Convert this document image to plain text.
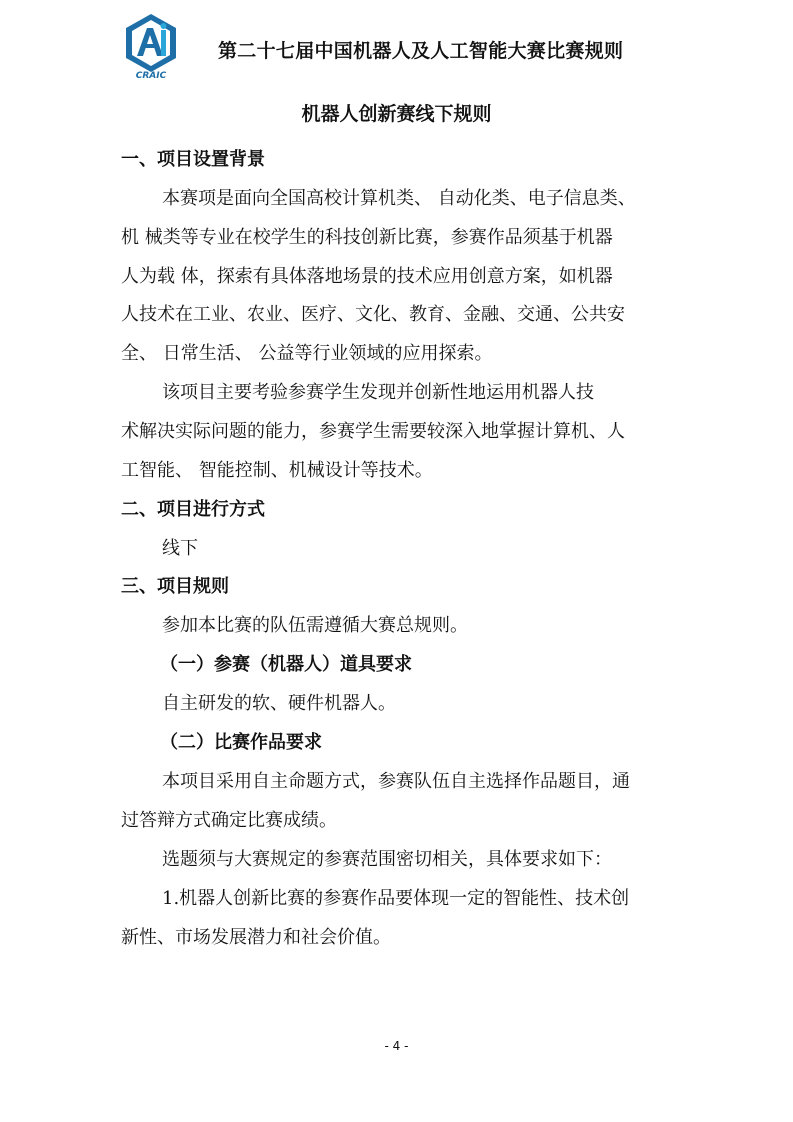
CRAIC
第二十七届中国机器人及人工智能大赛比赛规则
机器人创新赛线下规则
一、项目设置背景
本赛项是面向全国高校计算机类、 自动化类、电子信息类、
机 械类等专业在校学生的科技创新比赛，参赛作品须基于机器
人为载 体，探索有具体落地场景的技术应用创意方案，如机器
人技术在工业、农业、医疗、文化、教育、金融、交通、公共安
全、 日常生活、 公益等行业领域的应用探索。
该项目主要考验参赛学生发现并创新性地运用机器人技
术解决实际问题的能力，参赛学生需要较深入地掌握计算机、人
工智能、 智能控制、机械设计等技术。
二、项目进行方式
线下
三、项目规则
参加本比赛的队伍需遵循大赛总规则。
（一）参赛（机器人）道具要求
自主研发的软、硬件机器人。
（二）比赛作品要求
本项目采用自主命题方式，参赛队伍自主选择作品题目，通
过答辩方式确定比赛成绩。
选题须与大赛规定的参赛范围密切相关，具体要求如下：
1.机器人创新比赛的参赛作品要体现一定的智能性、技术创
新性、市场发展潜力和社会价值。
- 4 -
